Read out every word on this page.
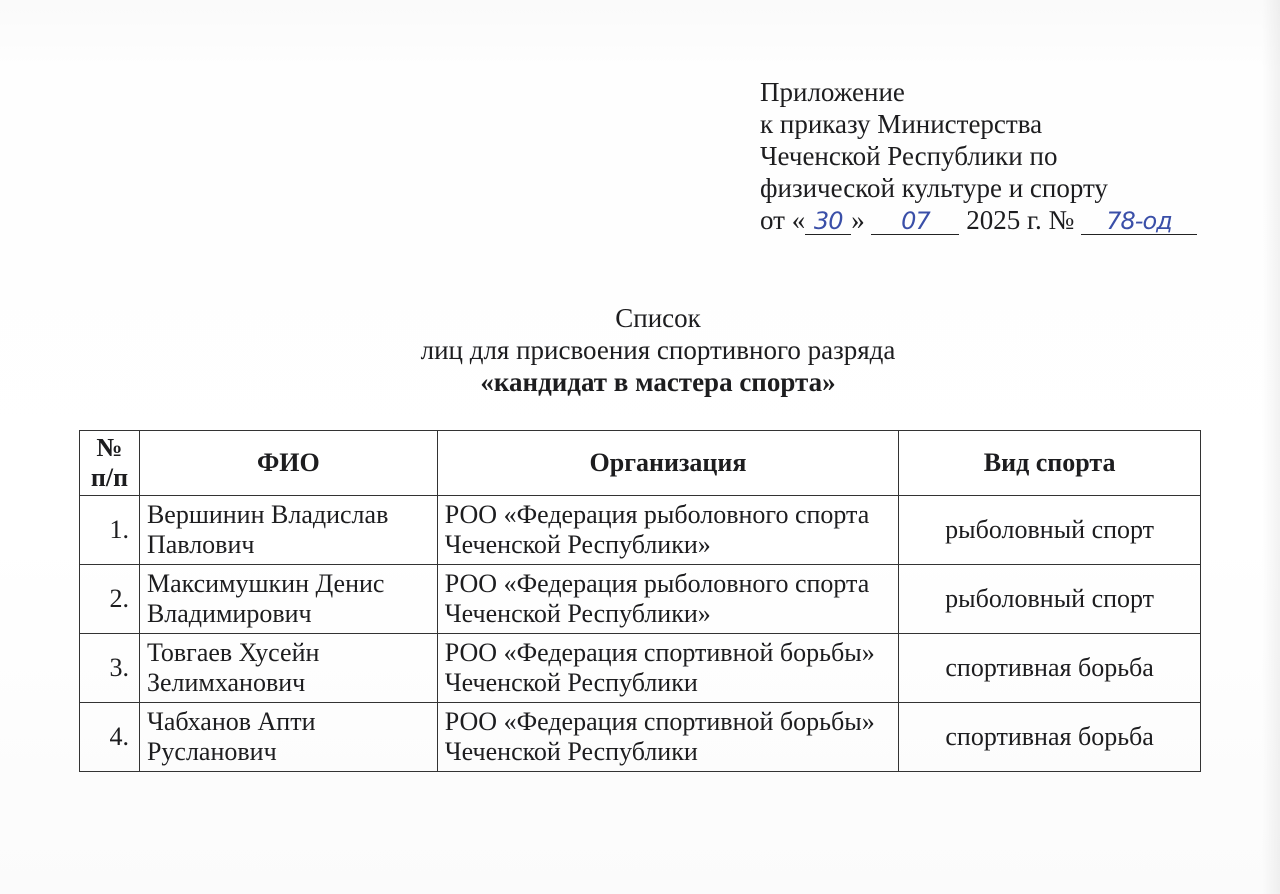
Приложение
к приказу Министерства
Чеченской Республики по
физической культуре и спорту
от « 30 » 07 2025 г. № 78-од
Список
лиц для присвоения спортивного разряда
«кандидат в мастера спорта»
№ п/п	ФИО	Организация	Вид спорта
1.	Вершинин Владислав Павлович	РОО «Федерация рыболовного спорта Чеченской Республики»	рыболовный спорт
2.	Максимушкин Денис Владимирович	РОО «Федерация рыболовного спорта Чеченской Республики»	рыболовный спорт
3.	Товгаев Хусейн Зелимханович	РОО «Федерация спортивной борьбы» Чеченской Республики	спортивная борьба
4.	Чабханов Апти Русланович	РОО «Федерация спортивной борьбы» Чеченской Республики	спортивная борьба
